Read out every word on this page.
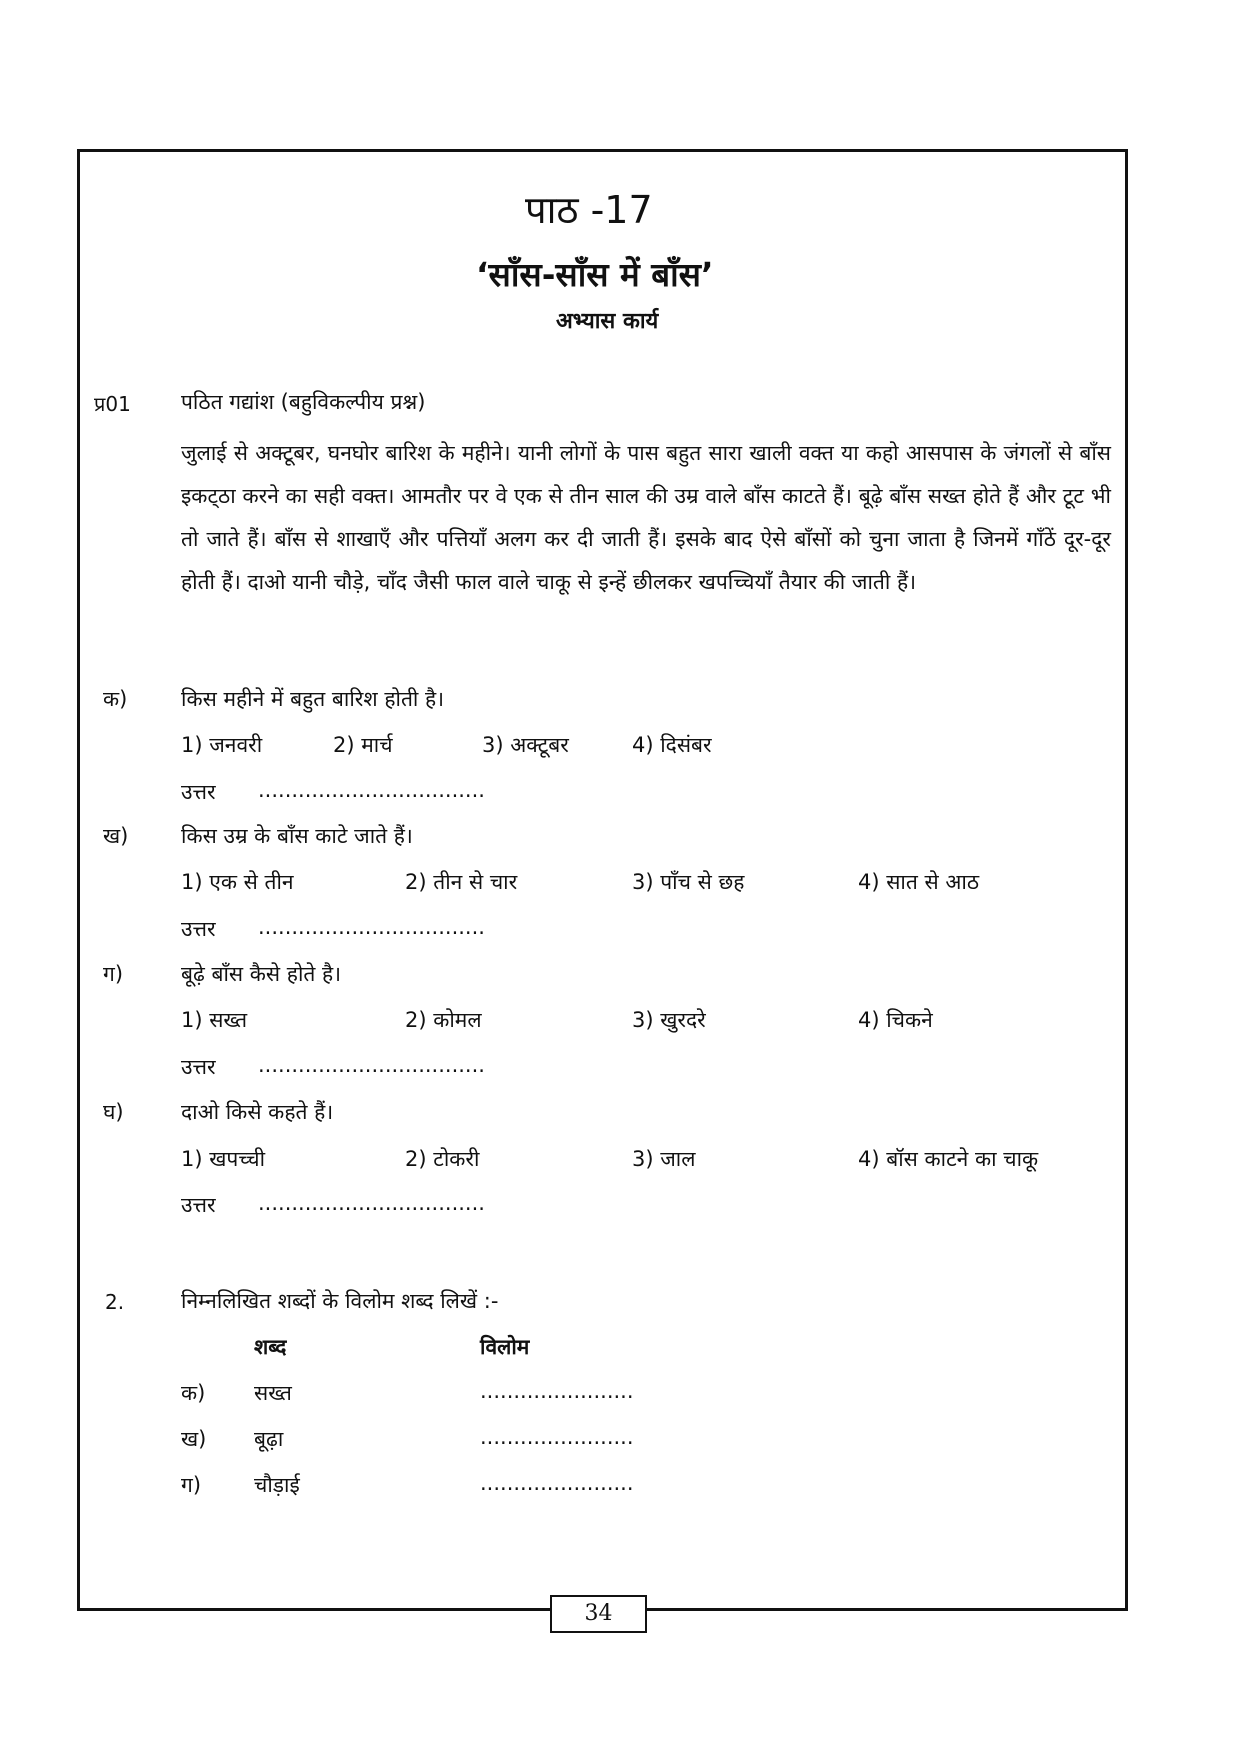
पाठ -17
‘साँस-साँस में बाँस’
अभ्यास कार्य
प्र01 पठित गद्यांश (बहुविकल्पीय प्रश्न)

जुलाई से अक्टूबर, घनघोर बारिश के महीने। यानी लोगों के पास बहुत सारा खाली वक्त या कहो आसपास के जंगलों से बाँस इकट्‌ठा करने का सही वक्त। आमतौर पर वे एक से तीन साल की उम्र वाले बाँस काटते हैं। बूढ़े बाँस सख्त होते हैं और टूट भी तो जाते हैं। बाँस से शाखाएँ और पत्तियाँ अलग कर दी जाती हैं। इसके बाद ऐसे बाँसों को चुना जाता है जिनमें गाँठें दूर-दूर होती हैं। दाओ यानी चौड़े, चाँद जैसी फाल वाले चाकू से इन्हें छीलकर खपच्चियाँ तैयार की जाती हैं।

क)	किस महीने में बहुत बारिश होती है।
1) जनवरी	2) मार्च	3) अक्टूबर	4) दिसंबर
उत्तर ..................................
ख)	किस उम्र के बाँस काटे जाते हैं।
1) एक से तीन	2) तीन से चार	3) पाँच से छह	4) सात से आठ
उत्तर ..................................
ग)	बूढ़े बाँस कैसे होते है।
1) सख्त	2) कोमल	3) खुरदरे	4) चिकने
उत्तर ..................................
घ)	दाओ किसे कहते हैं।
1) खपच्ची	2) टोकरी	3) जाल	4) बॉस काटने का चाकू
उत्तर ..................................
2.	निम्नलिखित शब्दों के विलोम शब्द लिखें :-
शब्द	विलोम
क) सख्त	.......................
ख) बूढ़ा	.......................
ग)	चौड़ाई	.......................
34
